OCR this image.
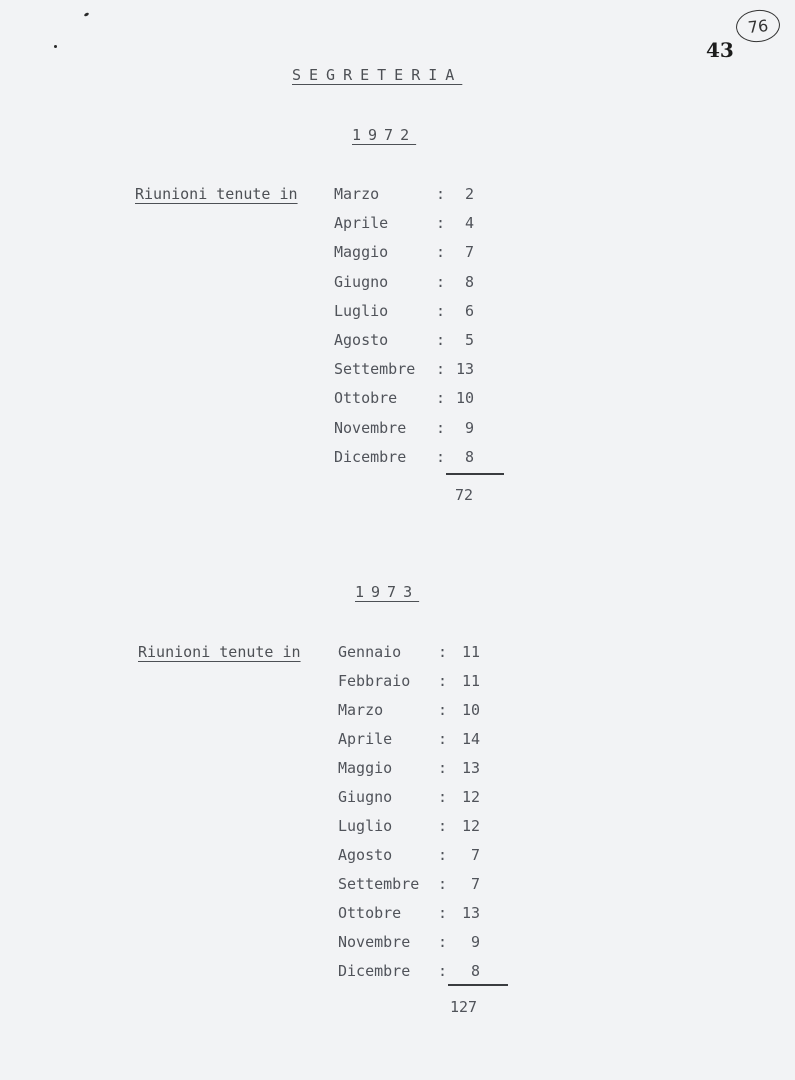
43
76
SEGRETERIA
1972
Riunioni tenute in Marzo	:	2
Aprile	:	4
Maggio	:	7
Giugno	:	8
Luglio	:	6
Agosto	:	5
Settembre : 13
Ottobre	: 10
Novembre :	9
Dicembre :	8
72
1973
Riunioni tenute in Gennaio : 11
Febbraio : 11
Marzo	: 10
Aprile	: 14
Maggio	: 13
Giugno	: 12
Luglio	: 12
Agosto	:	7
Settembre :	7
Ottobre : 13
Novembre :	9
Dicembre :	8
127
